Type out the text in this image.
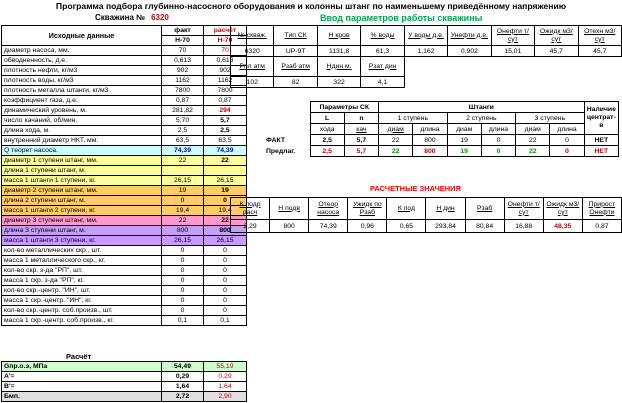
Программа подбора глубинно-насосного оборудования и колонны штанг по наименьшему приведённому напряжению
Скважина № 6320	Ввод параметров работы скважины
Исходные данные	факт	расчёт
	Н-70	Н-70
диаметр насоса, мм.	70	70
обводненность, д.е.	0,613	0,613
плотность нефти, кг/м3	902	902
плотность воды, кг/м3	1162	1162
плотность металла штанги, кг/м3	7800	7800
коэффициент газа, д.е.	0,87	0,87
динамический уровень, м.	281,82	294
число качаний, об/мин.	5,70	5,7
длина хода, м.	2,5	2,5
внутренний диаметр НКТ, мм.	63,5	63,5
Q теорет насоса.	74,39	74,39
диаметр 1 ступени штанг, мм.	22	22
длина 1 ступени штанг, м.		
масса 1 штанги 1 ступени, кг.	26,15	26,15
диаметр 2 ступени штанг, мм.	19	19
длина 2 ступени штанг, м.	0	0
масса 1 штанги 2 ступени, кг.	19,4	19,4
диаметр 3 ступени штанг, мм.	22	22
длина 3 ступени штанг, м.	800	800
масса 1 штанги 3 ступени, кг.	26,15	26,15
кол-во металлических скр., шт.	0	0
масса 1 металлического скр., кг.	0	0
кол-во скр. з-да "РП", шт.	0	0
масса 1 скр. з-да "РП", кг.	0	0
кол-во скр.-центр. "ИН", шт.	0	0
масса 1 скр.-центр. "ИН", кг.	0	0
кол-во скр.-центр. соб.произв., шт.	0	0
масса 1 скр.-центр. соб.произв., кг.	0,1	0,1
Расчёт
Gпр.о.э, МПа	54,49	55,19
A'=	0,29	0,29
B'=	1,64	1,64
Бмп.	2,72	2,90
№ скваж.	Тип СК	Н кров	% воды	У воды д.е.	Унефти д.е.	Онефти т/сут	Ожидк м3/сут	Отехн м3/сут
6320	UP-9T	1131,8	61,3	1,162	0,902	15,01	45,7	45,7
Рпл атм	Рзаб атм	Ндин м.	Рзат дин					
102	82	322	4,1					
	Параметры СК		Штанги						Наличие центрат-в
	L	n	1 ступень		2 ступень		3 ступень		
	хода	кач	диам	длина	диам	длина	диам	длина	
ФАКТ	2,5	5,7	22	800	19	0	22	0	НЕТ
Предлаг.	2,5	5,7	22	800	19	0	22	0	НЕТ
РАСЧЕТНЫЕ ЗНАЧЕНИЯ
К подр расч	Н подв	Отеор насоса	Ужидк по Рзаб	К под	Н дин	Рзаб	Онефти т/сут	Ожидк м3/сут	Прирост Онефти
2,29	800	74,39	0,96	0,65	293,84	80,84	16,88	48,35	0,87
